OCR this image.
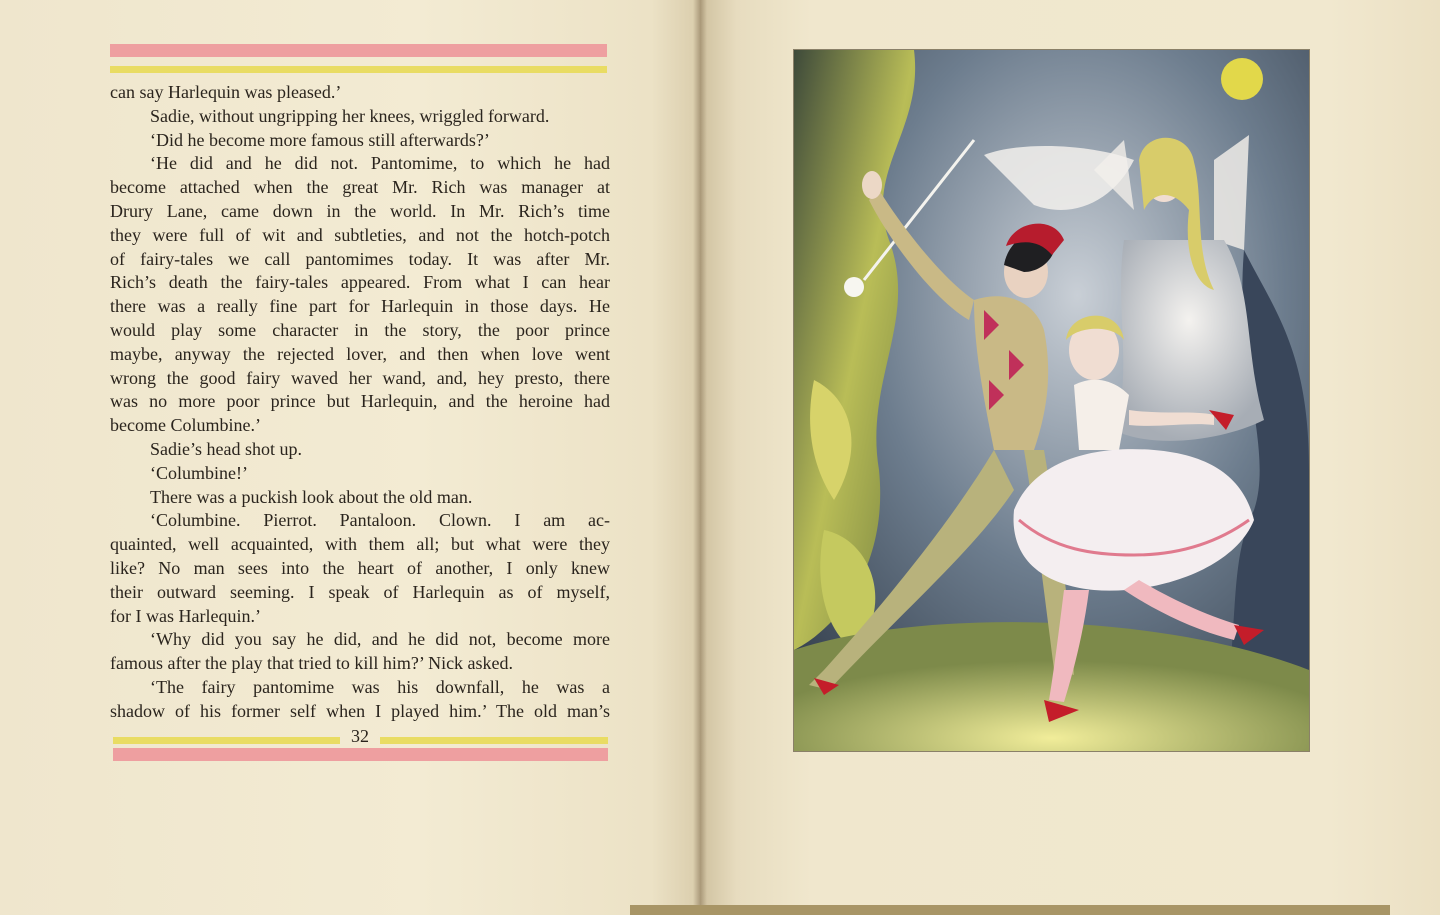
can say Harlequin was pleased.’
Sadie, without ungripping her knees, wriggled forward.
‘Did he become more famous still afterwards?’
‘He did and he did not. Pantomime, to which he had
become attached when the great Mr. Rich was manager at
Drury Lane, came down in the world. In Mr. Rich’s time
they were full of wit and subtleties, and not the hotch-potch
of fairy-tales we call pantomimes today. It was after Mr.
Rich’s death the fairy-tales appeared. From what I can hear
there was a really fine part for Harlequin in those days. He
would play some character in the story, the poor prince
maybe, anyway the rejected lover, and then when love went
wrong the good fairy waved her wand, and, hey presto, there
was no more poor prince but Harlequin, and the heroine had
become Columbine.’
Sadie’s head shot up.
‘Columbine!’
There was a puckish look about the old man.
‘Columbine. Pierrot. Pantaloon. Clown. I am ac-
quainted, well acquainted, with them all; but what were they
like? No man sees into the heart of another, I only knew
their outward seeming. I speak of Harlequin as of myself,
for I was Harlequin.’
‘Why did you say he did, and he did not, become more
famous after the play that tried to kill him?’ Nick asked.
‘The fairy pantomime was his downfall, he was a
shadow of his former self when I played him.’ The old man’s
32
